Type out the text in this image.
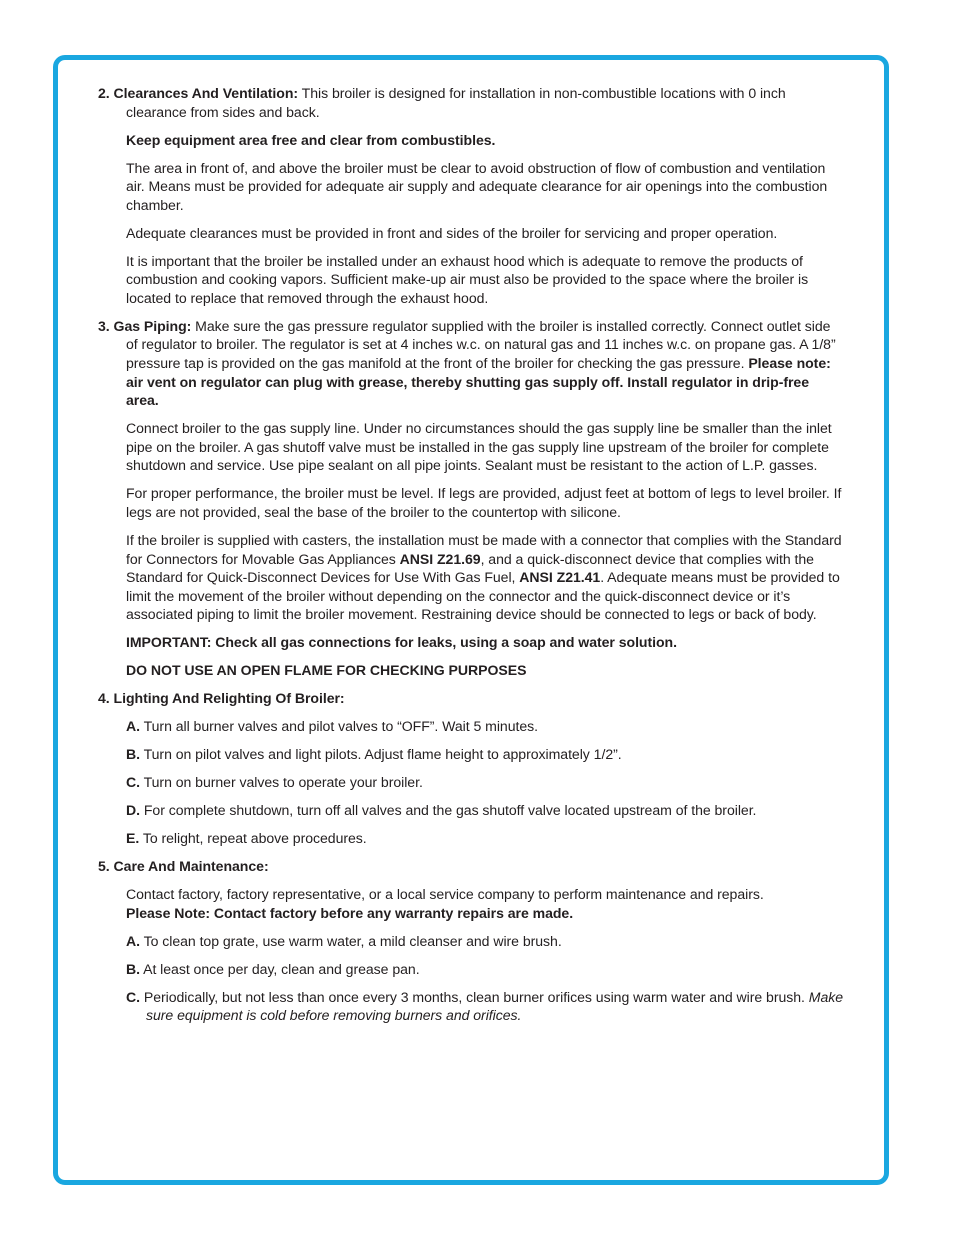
2. Clearances And Ventilation: This broiler is designed for installation in non-combustible locations with 0 inch clearance from sides and back.

Keep equipment area free and clear from combustibles.

The area in front of, and above the broiler must be clear to avoid obstruction of flow of combustion and ventilation air. Means must be provided for adequate air supply and adequate clearance for air openings into the combustion chamber.

Adequate clearances must be provided in front and sides of the broiler for servicing and proper operation.

It is important that the broiler be installed under an exhaust hood which is adequate to remove the products of combustion and cooking vapors. Sufficient make-up air must also be provided to the space where the broiler is located to replace that removed through the exhaust hood.

3. Gas Piping: Make sure the gas pressure regulator supplied with the broiler is installed correctly. Connect outlet side of regulator to broiler. The regulator is set at 4 inches w.c. on natural gas and 11 inches w.c. on propane gas. A 1/8” pressure tap is provided on the gas manifold at the front of the broiler for checking the gas pressure. Please note: air vent on regulator can plug with grease, thereby shutting gas supply off. Install regulator in drip-free area.

Connect broiler to the gas supply line. Under no circumstances should the gas supply line be smaller than the inlet pipe on the broiler. A gas shutoff valve must be installed in the gas supply line upstream of the broiler for complete shutdown and service. Use pipe sealant on all pipe joints. Sealant must be resistant to the action of L.P. gasses.

For proper performance, the broiler must be level. If legs are provided, adjust feet at bottom of legs to level broiler. If legs are not provided, seal the base of the broiler to the countertop with silicone.

If the broiler is supplied with casters, the installation must be made with a connector that complies with the Standard for Connectors for Movable Gas Appliances ANSI Z21.69, and a quick-disconnect device that complies with the Standard for Quick-Disconnect Devices for Use With Gas Fuel, ANSI Z21.41. Adequate means must be provided to limit the movement of the broiler without depending on the connector and the quick-disconnect device or it’s associated piping to limit the broiler movement. Restraining device should be connected to legs or back of body.

IMPORTANT: Check all gas connections for leaks, using a soap and water solution.

DO NOT USE AN OPEN FLAME FOR CHECKING PURPOSES

4. Lighting And Relighting Of Broiler:

A. Turn all burner valves and pilot valves to “OFF”. Wait 5 minutes.

B. Turn on pilot valves and light pilots. Adjust flame height to approximately 1/2”.

C. Turn on burner valves to operate your broiler.

D. For complete shutdown, turn off all valves and the gas shutoff valve located upstream of the broiler.

E. To relight, repeat above procedures.

5. Care And Maintenance:

Contact factory, factory representative, or a local service company to perform maintenance and repairs.
Please Note: Contact factory before any warranty repairs are made.

A. To clean top grate, use warm water, a mild cleanser and wire brush.

B. At least once per day, clean and grease pan.

C. Periodically, but not less than once every 3 months, clean burner orifices using warm water and wire brush. Make sure equipment is cold before removing burners and orifices.
